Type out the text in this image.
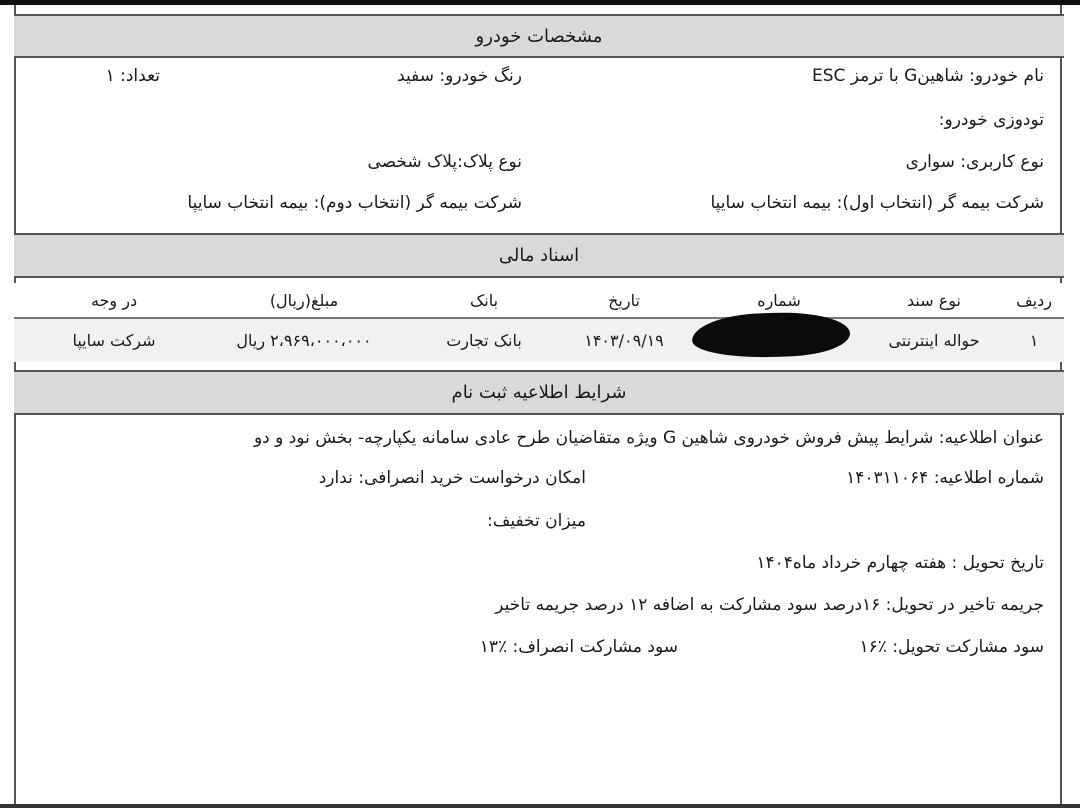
مشخصات خودرو
نام خودرو: شاهینG با ترمز ESC
رنگ خودرو: سفید
تعداد: ۱
تودوزی خودرو:
نوع کاربری: سواری
نوع پلاک:پلاک شخصی
شرکت بیمه گر (انتخاب اول): بیمه انتخاب سایپا
شرکت بیمه گر (انتخاب دوم): بیمه انتخاب سایپا
اسناد مالی
ردیف
نوع سند
شماره
تاریخ
بانک
مبلغ(ریال)
در وجه
۱
حواله اینترنتی
۱۴۰۳/۰۹/۱۹
بانک تجارت
۲،۹۶۹،۰۰۰،۰۰۰ ریال
شرکت سایپا
شرایط اطلاعیه ثبت نام
عنوان اطلاعیه: شرایط پیش فروش خودروی شاهین G ویژه متقاضیان طرح عادی سامانه یکپارچه- بخش نود و دو
شماره اطلاعیه: ۱۴۰۳۱۱۰۶۴
امکان درخواست خرید انصرافی: ندارد
میزان تخفیف:
تاریخ تحویل : هفته چهارم خرداد ماه۱۴۰۴
جریمه تاخیر در تحویل: ۱۶درصد سود مشارکت به اضافه ۱۲ درصد جریمه تاخیر
سود مشارکت تحویل: ٪۱۶
سود مشارکت انصراف: ٪۱۳
